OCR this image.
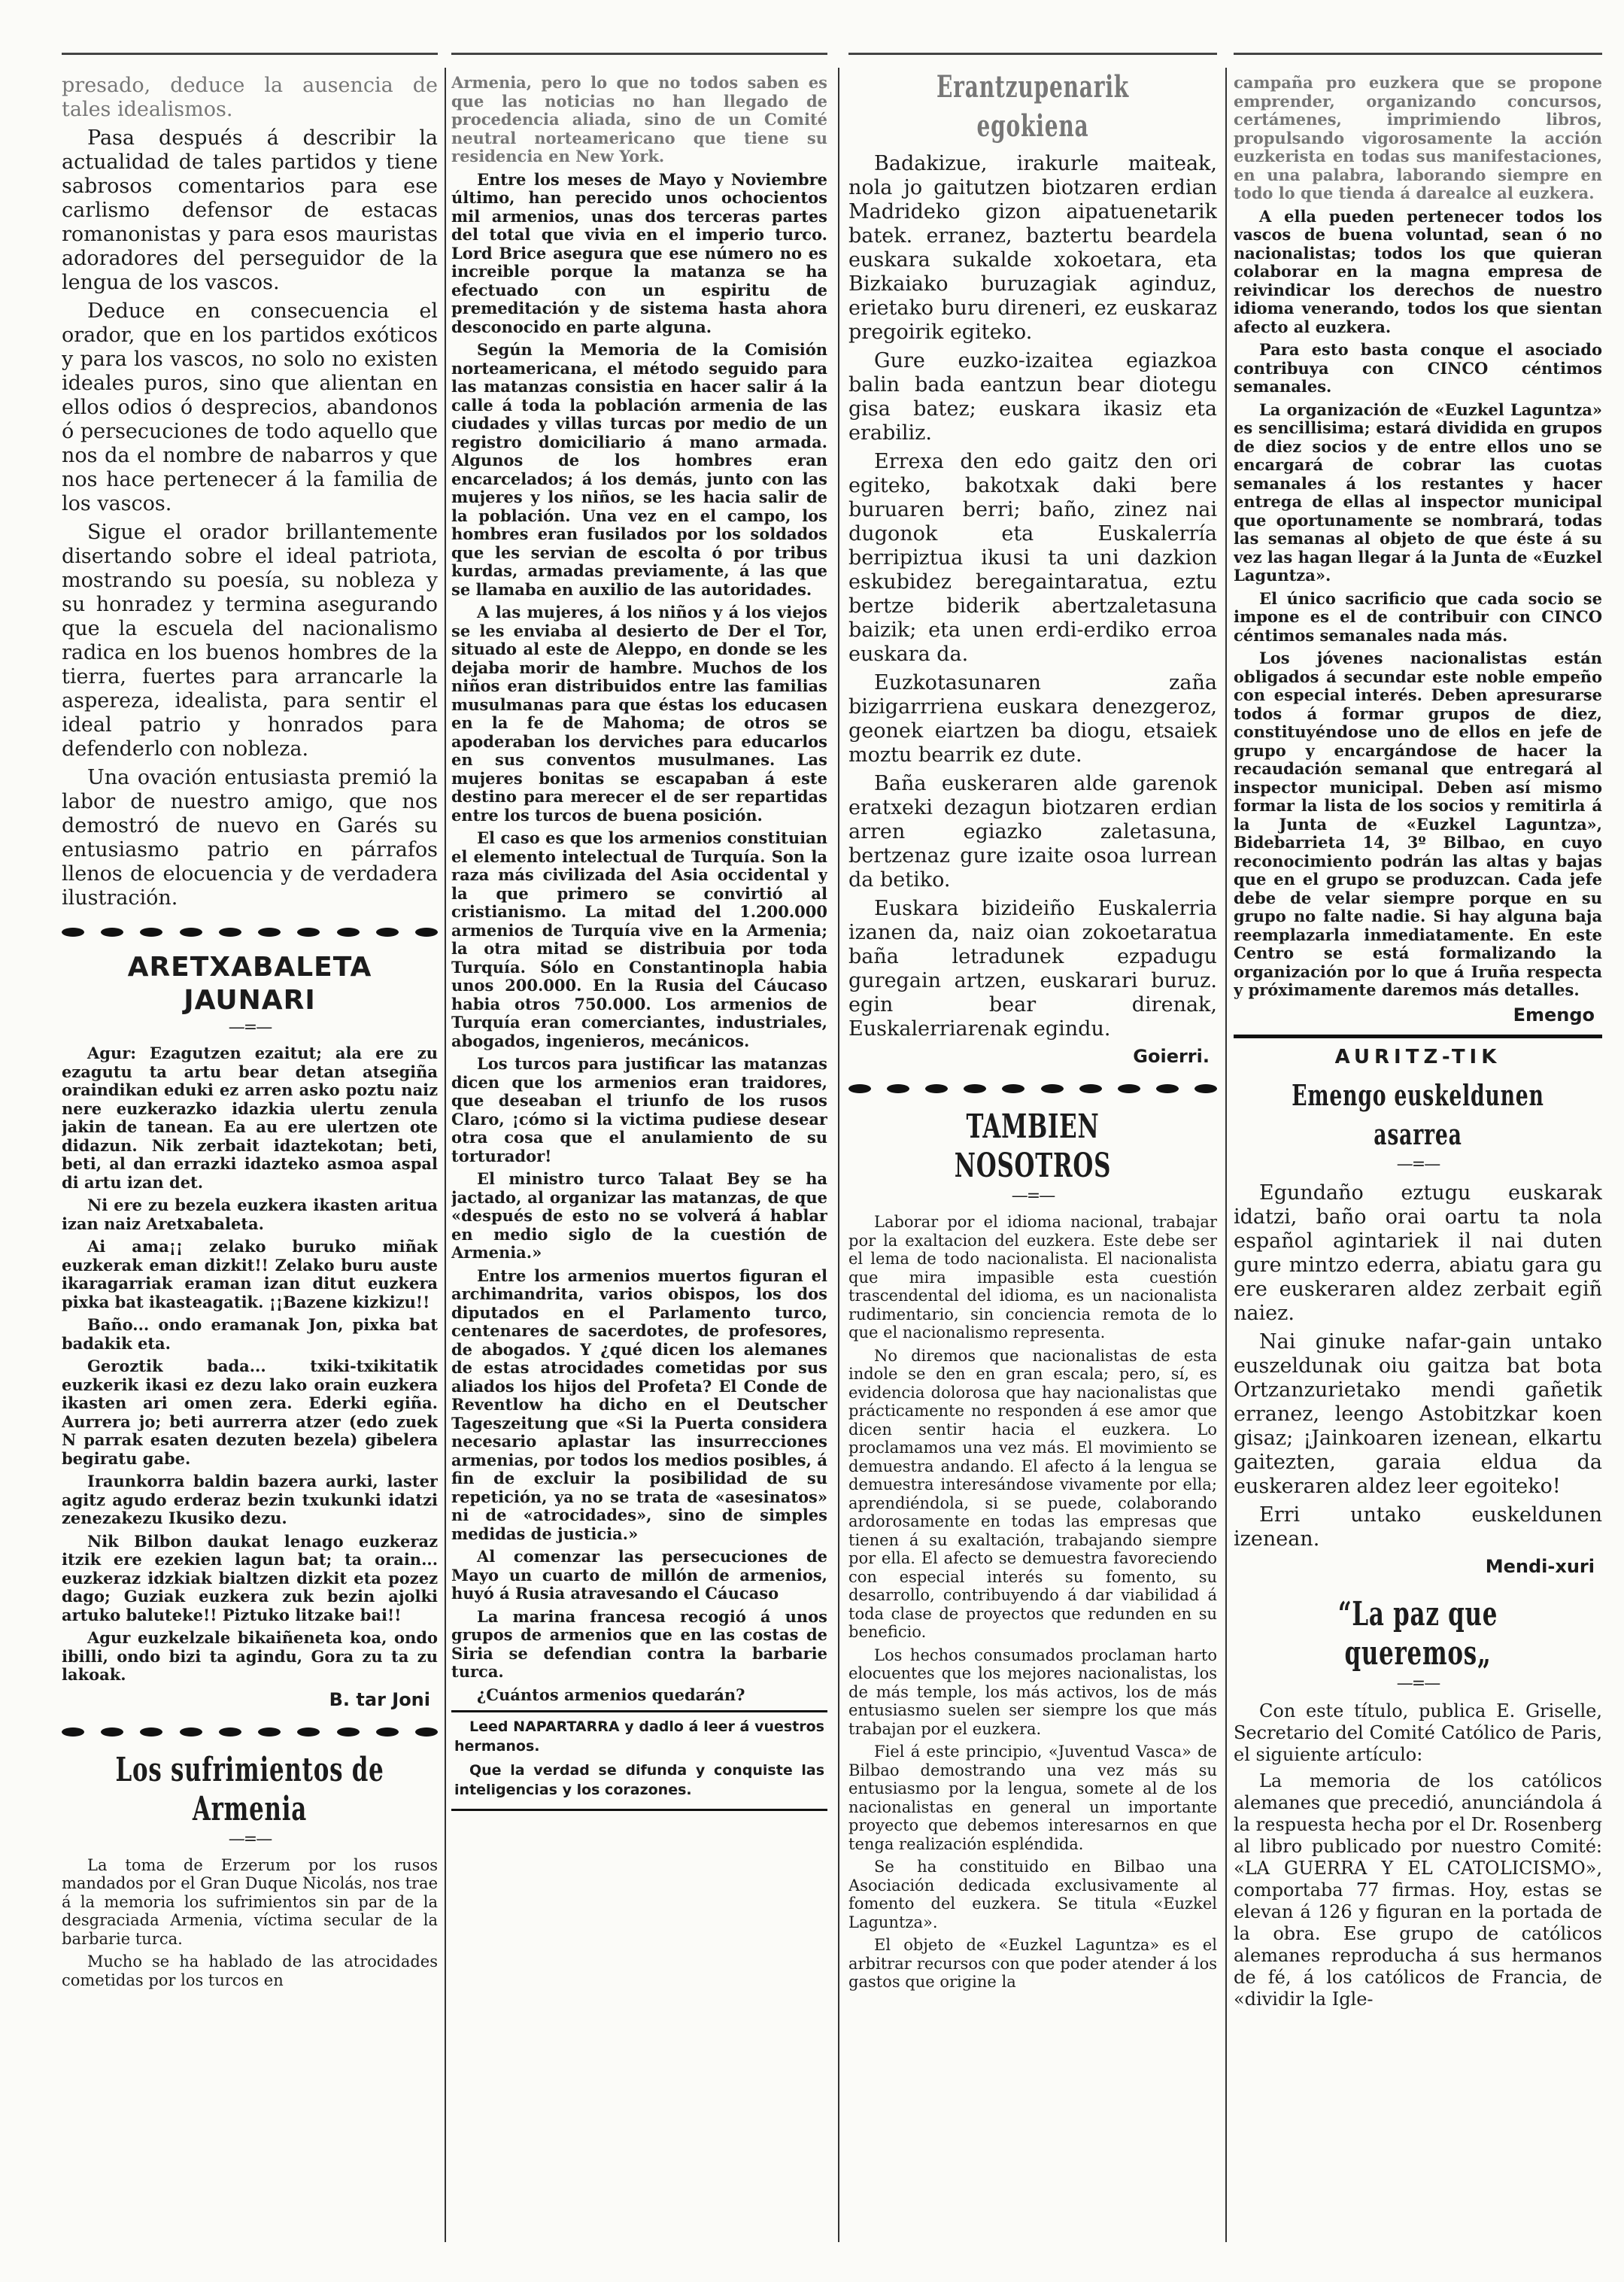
presado, deduce la ausencia de tales idealismos.

Pasa después á describir la actualidad de tales partidos y tiene sabrosos comentarios para ese carlismo defensor de estacas romanonistas y para esos mauristas adoradores del perseguidor de la lengua de los vascos.

Deduce en consecuencia el orador, que en los partidos exóticos y para los vascos, no solo no existen ideales puros, sino que alientan en ellos odios ó desprecios, abandonos ó persecuciones de todo aquello que nos da el nombre de nabarros y que nos hace pertenecer á la familia de los vascos.

Sigue el orador brillantemente disertando sobre el ideal patriota, mostrando su poesía, su nobleza y su honradez y termina asegurando que la escuela del nacionalismo radica en los buenos hombres de la tierra, fuertes para arrancarle la aspereza, idealista, para sentir el ideal patrio y honrados para defenderlo con nobleza.

Una ovación entusiasta premió la labor de nuestro amigo, que nos demostró de nuevo en Garés su entusiasmo patrio en párrafos llenos de elocuencia y de verdadera ilustración.

ARETXABALETA JAUNARI
—=—

Agur: Ezagutzen ezaitut; ala ere zu ezagutu ta artu bear detan atsegiña oraindikan eduki ez arren asko poztu naiz nere euzkerazko idazkia ulertu zenula jakin de tanean. Ea au ere ulertzen ote didazun. Nik zerbait idaztekotan; beti, beti, al dan errazki idazteko asmoa aspal di artu izan det.

Ni ere zu bezela euzkera ikasten aritua izan naiz Aretxabaleta.

Ai ama¡¡ zelako buruko miñak euzkerak eman dizkit!! Zelako buru auste ikaragarriak eraman izan ditut euzkera pixka bat ikasteagatik. ¡¡Bazene kizkizu!!

Baño... ondo eramanak Jon, pixka bat badakik eta.

Geroztik bada... txiki-txikitatik euzkerik ikasi ez dezu lako orain euzkera ikasten ari omen zera. Ederki egiña. Aurrera jo; beti aurrerra atzer (edo zuek N parrak esaten dezuten bezela) gibelera begiratu gabe.

Iraunkorra baldin bazera aurki, laster agitz agudo erderaz bezin txukunki idatzi zenezakezu Ikusiko dezu.

Nik Bilbon daukat lenago euzkeraz itzik ere ezekien lagun bat; ta orain... euzkeraz idzkiak bialtzen dizkit eta pozez dago; Guziak euzkera zuk bezin ajolki artuko baluteke!! Piztuko litzake bai!!

Agur euzkelzale bikaiñeneta koa, ondo ibilli, ondo bizi ta agindu, Gora zu ta zu lakoak.

B. tar Joni
Los sufrimientos de Armenia
—=—

La toma de Erzerum por los rusos mandados por el Gran Duque Nicolás, nos trae á la memoria los sufrimientos sin par de la desgraciada Armenia, víctima secular de la barbarie turca.

Mucho se ha hablado de las atrocidades cometidas por los turcos en

Armenia, pero lo que no todos saben es que las noticias no han llegado de procedencia aliada, sino de un Comité neutral norteamericano que tiene su residencia en New York.

Entre los meses de Mayo y Noviembre último, han perecido unos ochocientos mil armenios, unas dos terceras partes del total que vivia en el imperio turco. Lord Brice asegura que ese número no es increible porque la matanza se ha efectuado con un espiritu de premeditación y de sistema hasta ahora desconocido en parte alguna.

Según la Memoria de la Comisión norteamericana, el método seguido para las matanzas consistia en hacer salir á la calle á toda la población armenia de las ciudades y villas turcas por medio de un registro domiciliario á mano armada. Algunos de los hombres eran encarcelados; á los demás, junto con las mujeres y los niños, se les hacia salir de la población. Una vez en el campo, los hombres eran fusilados por los soldados que les servian de escolta ó por tribus kurdas, armadas previamente, á las que se llamaba en auxilio de las autoridades.

A las mujeres, á los niños y á los viejos se les enviaba al desierto de Der el Tor, situado al este de Aleppo, en donde se les dejaba morir de hambre. Muchos de los niños eran distribuidos entre las familias musulmanas para que éstas los educasen en la fe de Mahoma; de otros se apoderaban los derviches para educarlos en sus conventos musulmanes. Las mujeres bonitas se escapaban á este destino para merecer el de ser repartidas entre los turcos de buena posición.

El caso es que los armenios constituian el elemento intelectual de Turquía. Son la raza más civilizada del Asia occidental y la que primero se convirtió al cristianismo. La mitad del 1.200.000 armenios de Turquía vive en la Armenia; la otra mitad se distribuia por toda Turquía. Sólo en Constantinopla habia unos 200.000. En la Rusia del Cáucaso habia otros 750.000. Los armenios de Turquía eran comerciantes, industriales, abogados, ingenieros, mecánicos.

Los turcos para justificar las matanzas dicen que los armenios eran traidores, que deseaban el triunfo de los rusos Claro, ¡cómo si la victima pudiese desear otra cosa que el anulamiento de su torturador!

El ministro turco Talaat Bey se ha jactado, al organizar las matanzas, de que «después de esto no se volverá á hablar en medio siglo de la cuestión de Armenia.»

Entre los armenios muertos figuran el archimandrita, varios obispos, los dos diputados en el Parlamento turco, centenares de sacerdotes, de profesores, de abogados. Y ¿qué dicen los alemanes de estas atrocidades cometidas por sus aliados los hijos del Profeta? El Conde de Reventlow ha dicho en el Deutscher Tageszeitung que «Si la Puerta considera necesario aplastar las insurrecciones armenias, por todos los medios posibles, á fin de excluir la posibilidad de su repetición, ya no se trata de «asesinatos» ni de «atrocidades», sino de simples medidas de justicia.»

Al comenzar las persecuciones de Mayo un cuarto de millón de armenios, huyó á Rusia atravesando el Cáucaso

La marina francesa recogió á unos grupos de armenios que en las costas de Siria se defendian contra la barbarie turca.

¿Cuántos armenios quedarán?

Leed NAPARTARRA y dadlo á leer á vuestros hermanos.

Que la verdad se difunda y conquiste las inteligencias y los corazones.

Erantzupenarik egokiena

Badakizue, irakurle maiteak, nola jo gaitutzen biotzaren erdian Madrideko gizon aipatuenetarik batek. erranez, baztertu beardela euskara sukalde xokoetara, eta Bizkaiako buruzagiak aginduz, erietako buru direneri, ez euskaraz pregoirik egiteko.

Gure euzko-izaitea egiazkoa balin bada eantzun bear diotegu gisa batez; euskara ikasiz eta erabiliz.

Errexa den edo gaitz den ori egiteko, bakotxak daki bere buruaren berri; baño, zinez nai dugonok eta Euskalerría berripiztua ikusi ta uni dazkion eskubidez beregaintaratua, eztu bertze biderik abertzaletasuna baizik; eta unen erdi-erdiko erroa euskara da.

Euzkotasunaren zaña bizigarrriena euskara denezgeroz, geonek eiartzen ba diogu, etsaiek moztu bearrik ez dute.

Baña euskeraren alde garenok eratxeki dezagun biotzaren erdian arren egiazko zaletasuna, bertzenaz gure izaite osoa lurrean da betiko.

Euskara bizideiño Euskalerria izanen da, naiz oian zokoetaratua baña letradunek ezpadugu guregain artzen, euskarari buruz. egin bear direnak, Euskalerriarenak egindu.

Goierri.
TAMBIEN NOSOTROS
—=—

Laborar por el idioma nacional, trabajar por la exaltacion del euzkera. Este debe ser el lema de todo nacionalista. El nacionalista que mira impasible esta cuestión trascendental del idioma, es un nacionalista rudimentario, sin conciencia remota de lo que el nacionalismo representa.

No diremos que nacionalistas de esta indole se den en gran escala; pero, sí, es evidencia dolorosa que hay nacionalistas que prácticamente no responden á ese amor que dicen sentir hacia el euzkera. Lo proclamamos una vez más. El movimiento se demuestra andando. El afecto á la lengua se demuestra interesándose vivamente por ella; aprendiéndola, si se puede, colaborando ardorosamente en todas las empresas que tienen á su exaltación, trabajando siempre por ella. El afecto se demuestra favoreciendo con especial interés su fomento, su desarrollo, contribuyendo á dar viabilidad á toda clase de proyectos que redunden en su beneficio.

Los hechos consumados proclaman harto elocuentes que los mejores nacionalistas, los de más temple, los más activos, los de más entusiasmo suelen ser siempre los que más trabajan por el euzkera.

Fiel á este principio, «Juventud Vasca» de Bilbao demostrando una vez más su entusiasmo por la lengua, somete al de los nacionalistas en general un importante proyecto que debemos interesarnos en que tenga realización espléndida.

Se ha constituido en Bilbao una Asociación dedicada exclusivamente al fomento del euzkera. Se titula «Euzkel Laguntza».

El objeto de «Euzkel Laguntza» es el arbitrar recursos con que poder atender á los gastos que origine la

campaña pro euzkera que se propone emprender, organizando concursos, certámenes, imprimiendo libros, propulsando vigorosamente la acción euzkerista en todas sus manifestaciones, en una palabra, laborando siempre en todo lo que tienda á darealce al euzkera.

A ella pueden pertenecer todos los vascos de buena voluntad, sean ó no nacionalistas; todos los que quieran colaborar en la magna empresa de reivindicar los derechos de nuestro idioma venerando, todos los que sientan afecto al euzkera.

Para esto basta conque el asociado contribuya con CINCO céntimos semanales.

La organización de «Euzkel Laguntza» es sencillisima; estará dividida en grupos de diez socios y de entre ellos uno se encargará de cobrar las cuotas semanales á los restantes y hacer entrega de ellas al inspector municipal que oportunamente se nombrará, todas las semanas al objeto de que éste á su vez las hagan llegar á la Junta de «Euzkel Laguntza».

El único sacrificio que cada socio se impone es el de contribuir con CINCO céntimos semanales nada más.

Los jóvenes nacionalistas están obligados á secundar este noble empeño con especial interés. Deben apresurarse todos á formar grupos de diez, constituyéndose uno de ellos en jefe de grupo y encargándose de hacer la recaudación semanal que entregará al inspector municipal. Deben así mismo formar la lista de los socios y remitirla á la Junta de «Euzkel Laguntza», Bidebarrieta 14, 3º Bilbao, en cuyo reconocimiento podrán las altas y bajas que en el grupo se produzcan. Cada jefe debe de velar siempre porque en su grupo no falte nadie. Si hay alguna baja reemplazarla inmediatamente. En este Centro se está formalizando la organización por lo que á Iruña respecta y próximamente daremos más detalles.

Emengo
AURITZ-TIK
Emengo euskeldunen asarrea
—=—

Egundaño eztugu euskarak idatzi, baño orai oartu ta nola español agintariek il nai duten gure mintzo ederra, abiatu gara gu ere euskeraren aldez zerbait egiñ naiez.

Nai ginuke nafar-gain untako euszeldunak oiu gaitza bat bota Ortzanzurietako mendi gañetik erranez, leengo Astobitzkar koen gisaz; ¡Jainkoaren izenean, elkartu gaitezten, garaia eldua da euskeraren aldez leer egoiteko!

Erri untako euskeldunen izenean.

Mendi-xuri
“La paz que queremos„
—=—

Con este título, publica E. Griselle, Secretario del Comité Católico de Paris, el siguiente artículo:

La memoria de los católicos alemanes que precedió, anunciándola á la respuesta hecha por el Dr. Rosenberg al libro publicado por nuestro Comité: «LA GUERRA Y EL CATOLICISMO», comportaba 77 firmas. Hoy, estas se elevan á 126 y figuran en la portada de la obra. Ese grupo de católicos alemanes reproducha á sus hermanos de fé, á los católicos de Francia, de «dividir la Igle-
